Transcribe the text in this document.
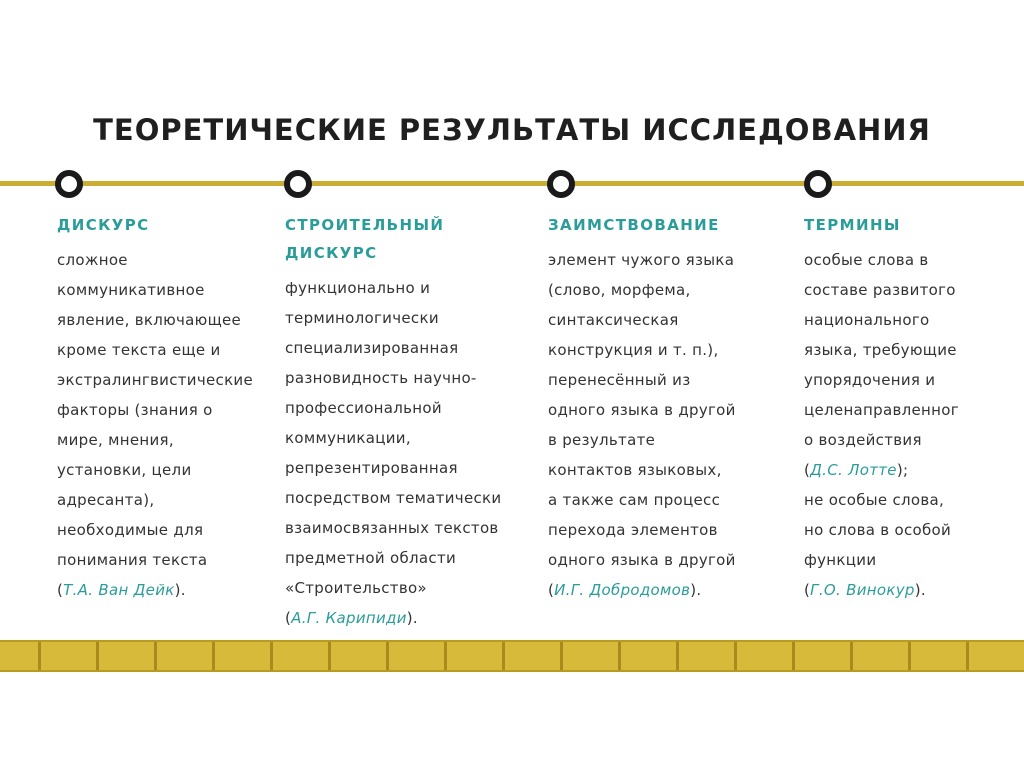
ТЕОРЕТИЧЕСКИЕ РЕЗУЛЬТАТЫ ИССЛЕДОВАНИЯ
ДИСКУРС
сложное
коммуникативное
явление, включающее
кроме текста еще и
экстралингвистические
факторы (знания о
мире, мнения,
установки, цели
адресанта),
необходимые для
понимания текста
(Т.А. Ван Дейк).
СТРОИТЕЛЬНЫЙ
ДИСКУРС
функционально и
терминологически
специализированная
разновидность научно-
профессиональной
коммуникации,
репрезентированная
посредством тематически
взаимосвязанных текстов
предметной области
«Строительство»
(А.Г. Карипиди).
ЗАИМСТВОВАНИЕ
элемент чужого языка
(слово, морфема,
синтаксическая
конструкция и т. п.),
перенесённый из
одного языка в другой
в результате
контактов языковых,
а также сам процесс
перехода элементов
одного языка в другой
(И.Г. Добродомов).
ТЕРМИНЫ
особые слова в
составе развитого
национального
языка, требующие
упорядочения и
целенаправленног
о воздействия
(Д.С. Лотте);
не особые слова,
но слова в особой
функции
(Г.О. Винокур).
